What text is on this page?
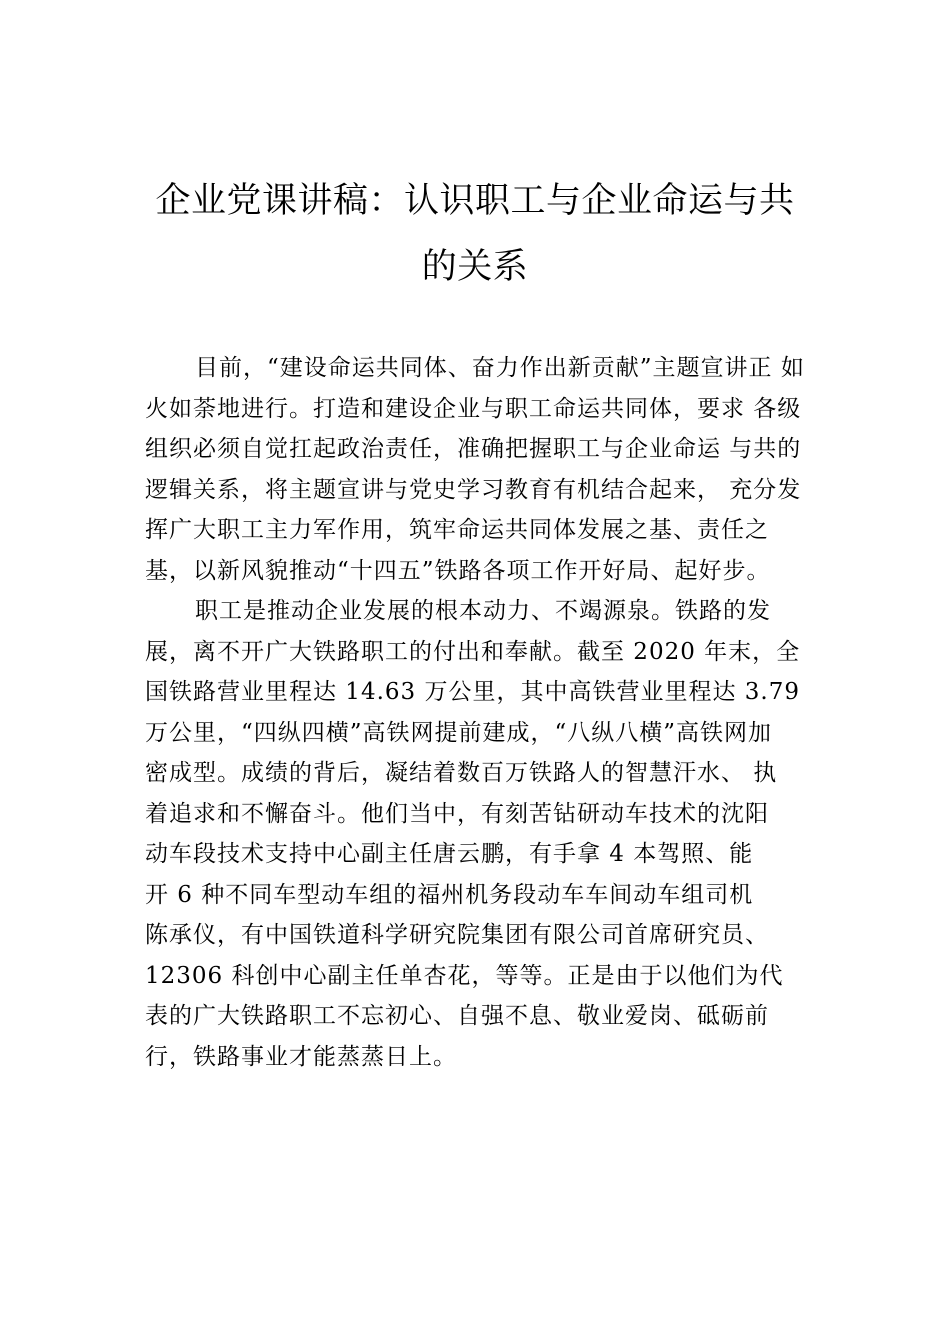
企业党课讲稿：认识职工与企业命运与共
的关系
目前，“建设命运共同体、奋力作出新贡献”主题宣讲正 如
火如荼地进行。打造和建设企业与职工命运共同体，要求 各级
组织必须自觉扛起政治责任，准确把握职工与企业命运 与共的
逻辑关系，将主题宣讲与党史学习教育有机结合起来， 充分发
挥广大职工主力军作用，筑牢命运共同体发展之基、责任之
基，以新风貌推动“十四五”铁路各项工作开好局、起好步。
职工是推动企业发展的根本动力、不竭源泉。铁路的发
展，离不开广大铁路职工的付出和奉献。截至 2020 年末，全
国铁路营业里程达 14.63 万公里，其中高铁营业里程达 3.79
万公里，“四纵四横”高铁网提前建成，“八纵八横”高铁网加
密成型。成绩的背后，凝结着数百万铁路人的智慧汗水、 执
着追求和不懈奋斗。他们当中，有刻苦钻研动车技术的沈阳
动车段技术支持中心副主任唐云鹏，有手拿 4 本驾照、能
开 6 种不同车型动车组的福州机务段动车车间动车组司机
陈承仪，有中国铁道科学研究院集团有限公司首席研究员、
12306 科创中心副主任单杏花，等等。正是由于以他们为代
表的广大铁路职工不忘初心、自强不息、敬业爱岗、砥砺前
行，铁路事业才能蒸蒸日上。
